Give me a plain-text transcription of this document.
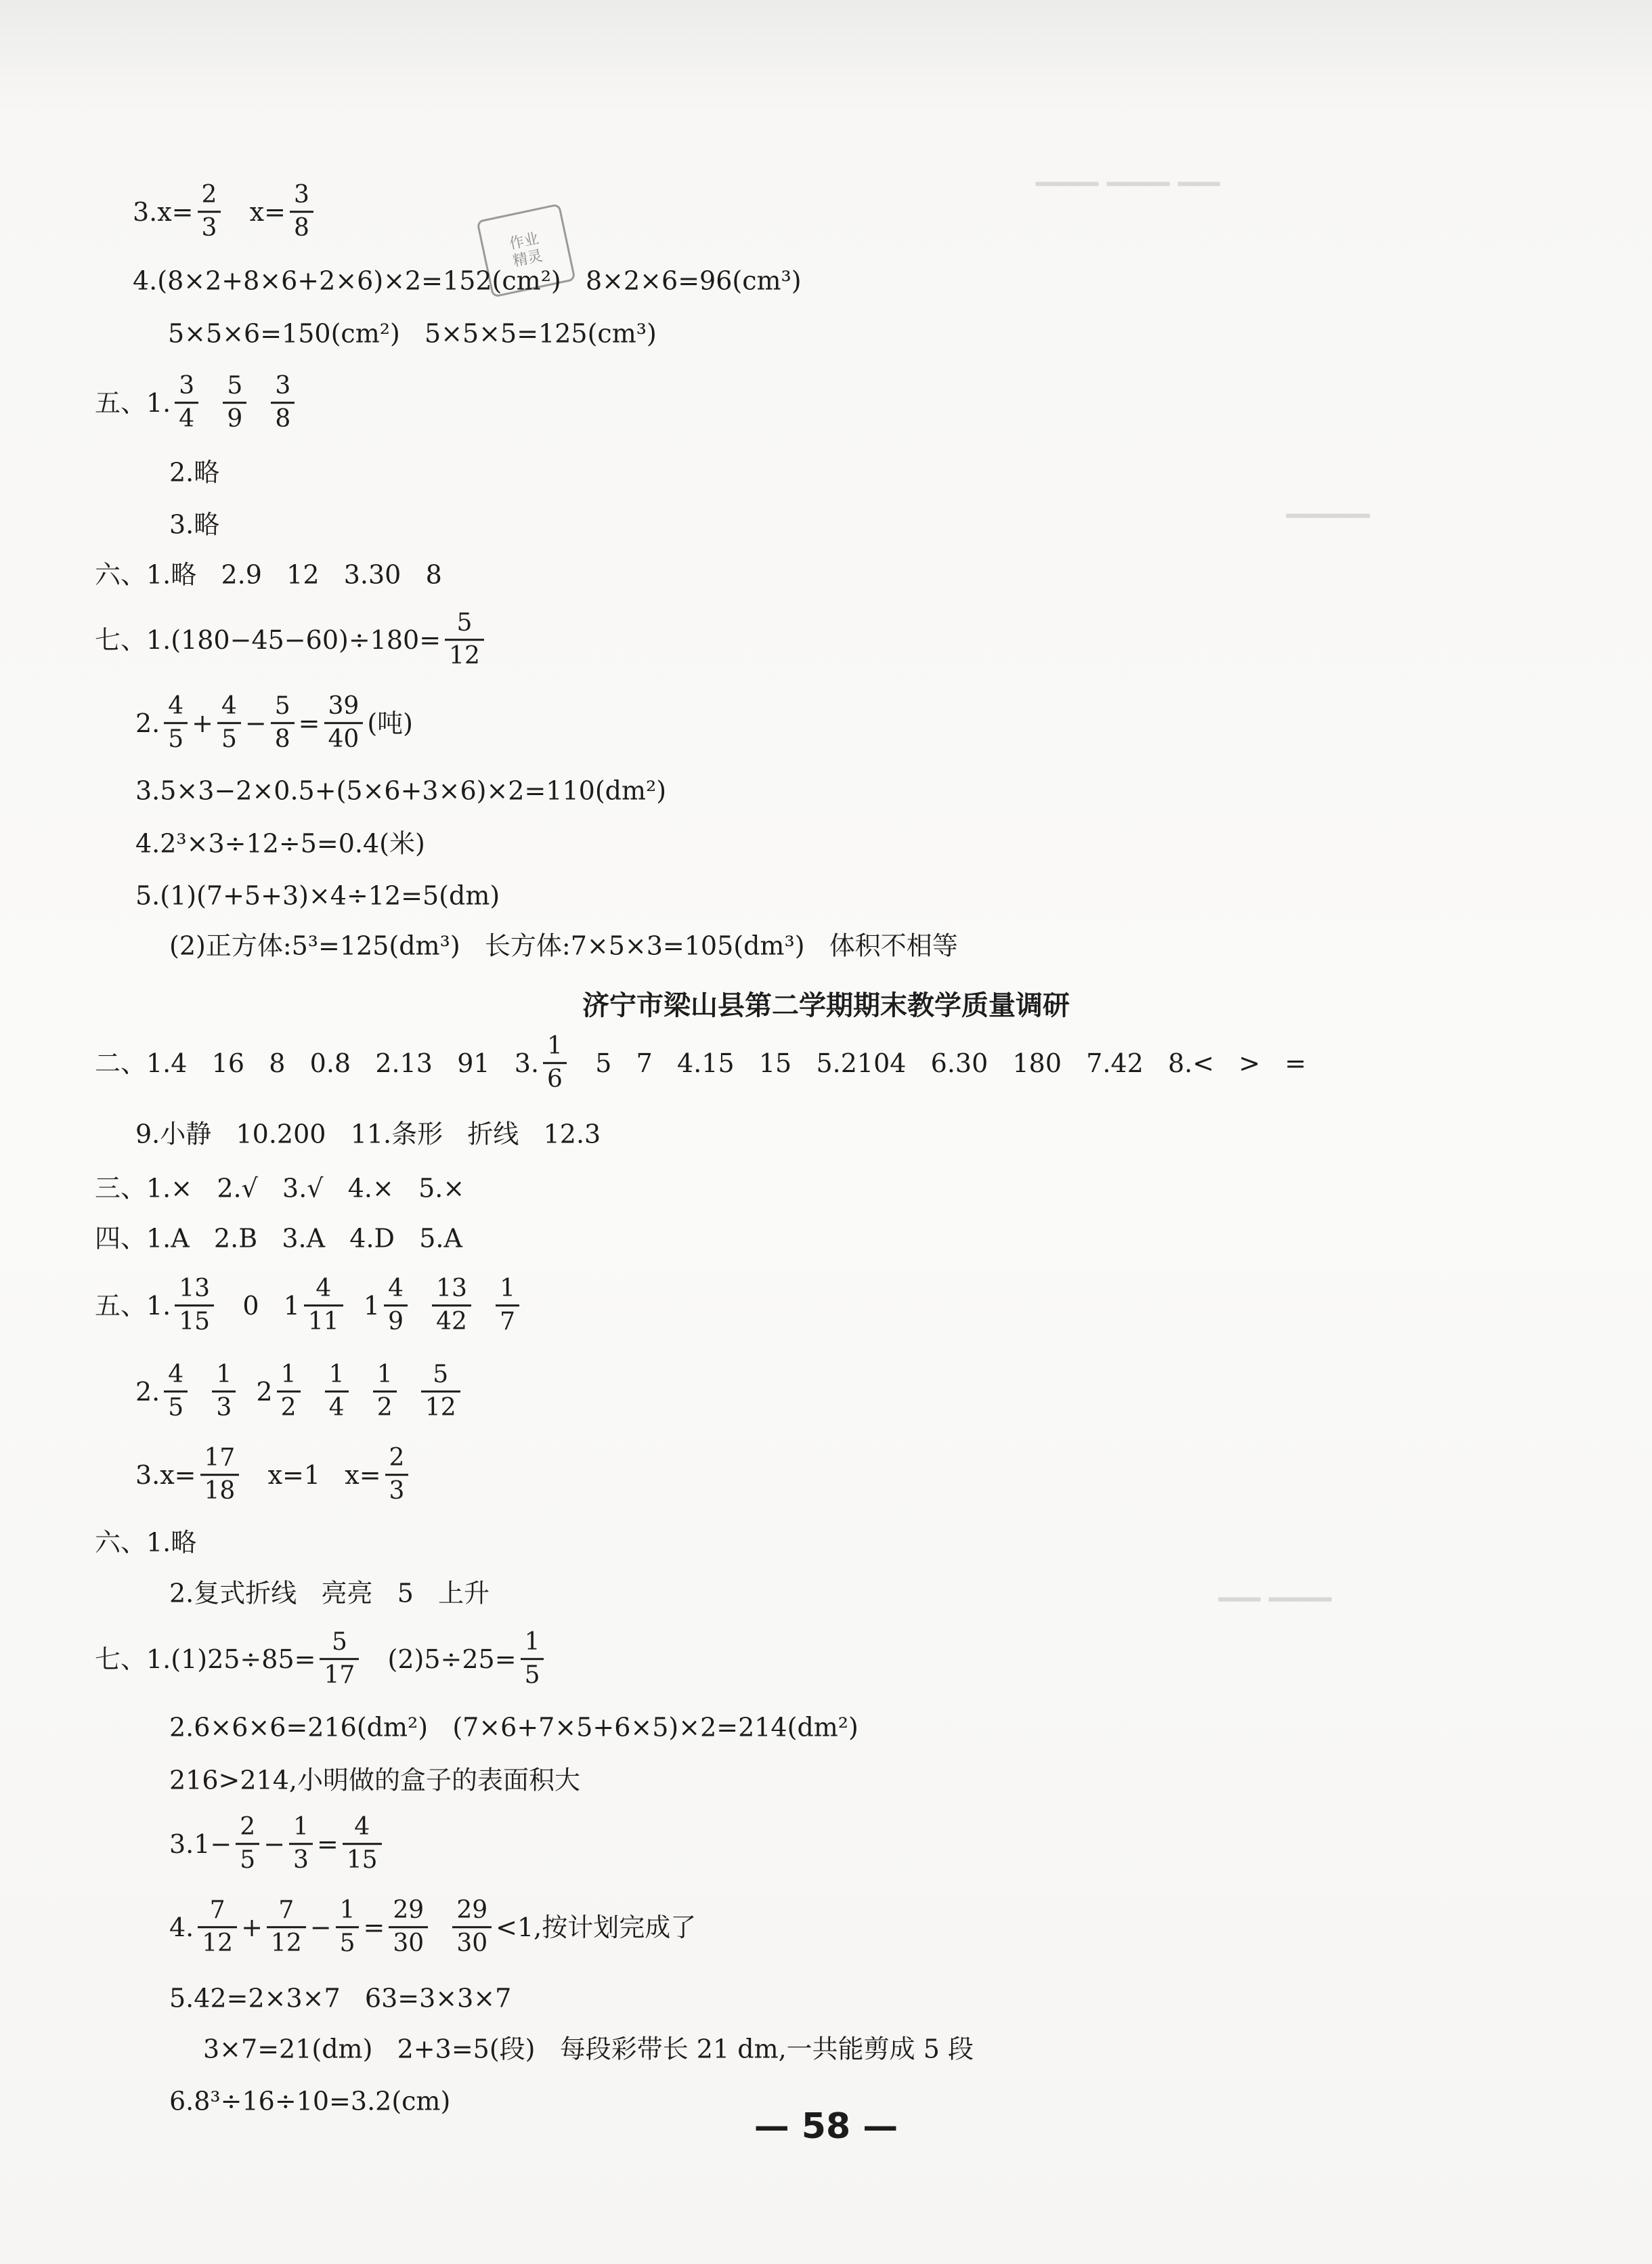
▔▔▔ ▔▔▔ ▔▔
▔▔▔▔
▔▔ ▔▔▔
作业
精灵
$3.x= \frac{2}{3} x= \frac{3}{8}$
4.(8×2+8×6+2×6)×2=152(cm²)   8×2×6=96(cm³)
5×5×6=150(cm²)   5×5×5=125(cm³)
五、1. $\frac{3}{4}$
$\frac{5}{9}$
$\frac{3}{8}$
2.略
3.略
六、1.略   2.9   12   3.30   8
七、$1.(180-45-60)\div 180= \frac{5}{12}$
2. $\frac{4}{5} + \frac{4}{5} - \frac{5}{8} = \frac{39}{40}$ (吨)
3.5×3−2×0.5+(5×6+3×6)×2=110(dm²)
4.2³×3÷12÷5=0.4(米)
5.(1)(7+5+3)×4÷12=5(dm)
(2)正方体:5³=125(dm³)   长方体:7×5×3=105(dm³)   体积不相等
二、1.4   16   8   0.8   2.13   91   3. $\frac{1}{6} 5$   7   4.15   15   5.2104   6.30   180   7.42   8.<   >   =
9.小静   10.200   11.条形   折线   12.3
三、1.×   2.√   3.√   4.×   5.×
四、1.A   2.B   3.A   4.D   5.A
五、1. $\frac{13}{15} 0$   $1 \frac{4}{11} 1 \frac{4}{9}$
$\frac{13}{42}$
$\frac{1}{7}$
2. $\frac{4}{5}$
$\frac{1}{3} 2 \frac{1}{2}$
$\frac{1}{4}$
$\frac{1}{2}$
$\frac{5}{12}$
$3.x= \frac{17}{18} x=1$   $x= \frac{2}{3}$
六、1.略
2.复式折线   亮亮   5   上升
七、$1.(1)25\div 85= \frac{5}{17} (2)5\div 25= \frac{1}{5}$
2.6×6×6=216(dm²)   (7×6+7×5+6×5)×2=214(dm²)
216>214,小明做的盒子的表面积大
$3.1- \frac{2}{5} - \frac{1}{3} = \frac{4}{15}$
4. $\frac{7}{12} + \frac{7}{12} - \frac{1}{5} = \frac{29}{30}$
$\frac{29}{30} <1$,按计划完成了
5.42=2×3×7   63=3×3×7
3×7=21(dm)   2+3=5(段)   每段彩带长 21 dm,一共能剪成 5 段
6.8³÷16÷10=3.2(cm)
济宁市梁山县第二学期期末教学质量调研
— 58 —
